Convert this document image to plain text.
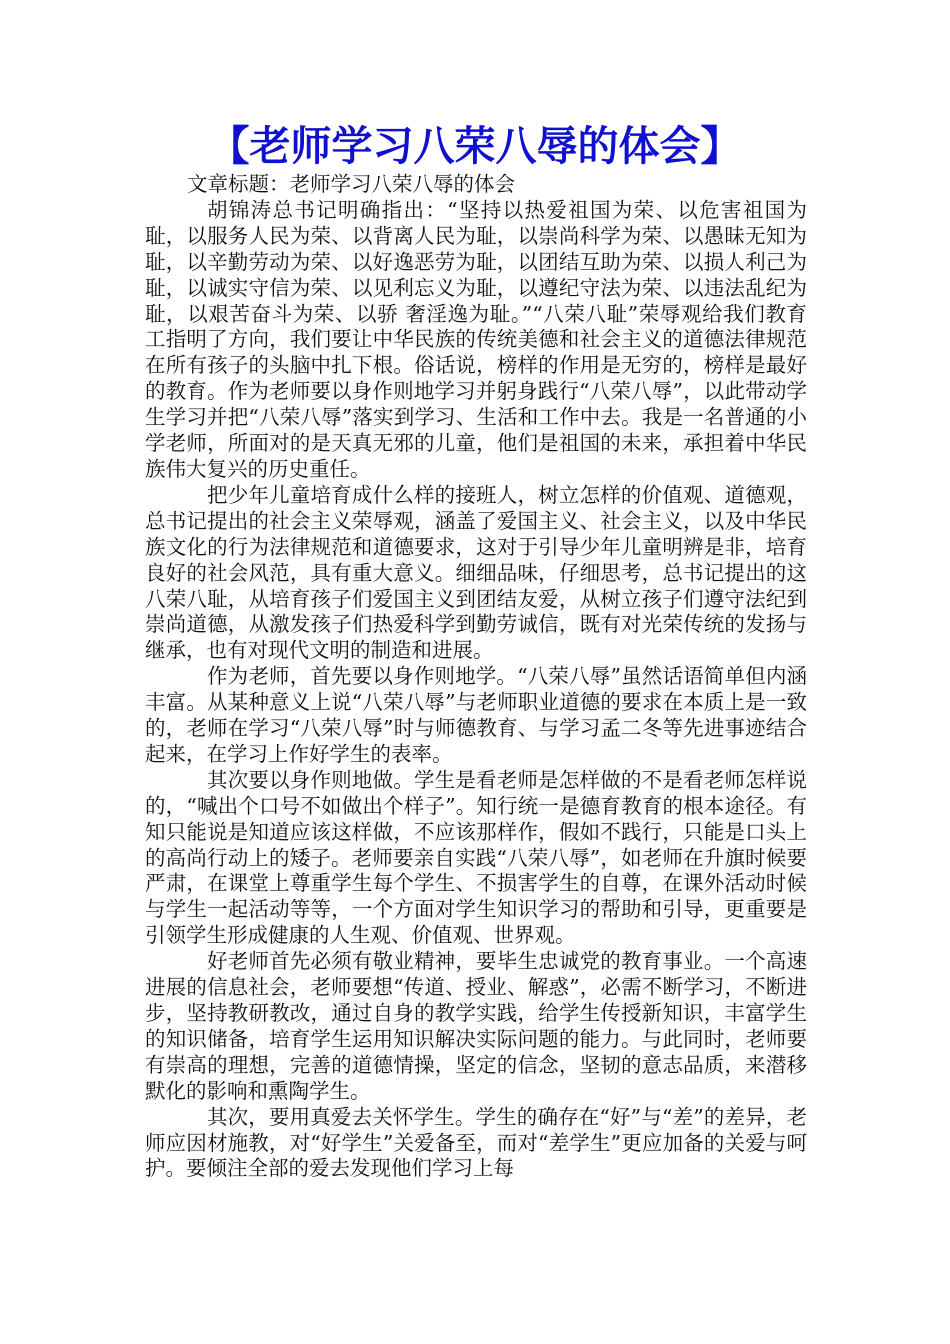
【老师学习八荣八辱的体会】

文章标题：老师学习八荣八辱的体会

胡锦涛总书记明确指出：“坚持以热爱祖国为荣、以危害祖国为耻，以服务人民为荣、以背离人民为耻，以崇尚科学为荣、以愚昧无知为耻，以辛勤劳动为荣、以好逸恶劳为耻，以团结互助为荣、以损人利己为耻，以诚实守信为荣、以见利忘义为耻，以遵纪守法为荣、以违法乱纪为耻，以艰苦奋斗为荣、以骄 奢淫逸为耻。”“八荣八耻”荣辱观给我们教育工指明了方向，我们要让中华民族的传统美德和社会主义的道德法律规范在所有孩子的头脑中扎下根。俗话说，榜样的作用是无穷的，榜样是最好的教育。作为老师要以身作则地学习并躬身践行“八荣八辱”，以此带动学生学习并把“八荣八辱”落实到学习、生活和工作中去。我是一名普通的小学老师，所面对的是天真无邪的儿童，他们是祖国的未来，承担着中华民族伟大复兴的历史重任。

把少年儿童培育成什么样的接班人，树立怎样的价值观、道德观，总书记提出的社会主义荣辱观，涵盖了爱国主义、社会主义，以及中华民族文化的行为法律规范和道德要求，这对于引导少年儿童明辨是非，培育良好的社会风范，具有重大意义。细细品味，仔细思考，总书记提出的这八荣八耻，从培育孩子们爱国主义到团结友爱，从树立孩子们遵守法纪到崇尚道德，从激发孩子们热爱科学到勤劳诚信，既有对光荣传统的发扬与继承，也有对现代文明的制造和进展。

作为老师，首先要以身作则地学。“八荣八辱”虽然话语简单但内涵丰富。从某种意义上说“八荣八辱”与老师职业道德的要求在本质上是一致的，老师在学习“八荣八辱”时与师德教育、与学习孟二冬等先进事迹结合起来，在学习上作好学生的表率。

其次要以身作则地做。学生是看老师是怎样做的不是看老师怎样说的，“喊出个口号不如做出个样子”。知行统一是德育教育的根本途径。有知只能说是知道应该这样做，不应该那样作，假如不践行，只能是口头上的高尚行动上的矮子。老师要亲自实践“八荣八辱”，如老师在升旗时候要严肃，在课堂上尊重学生每个学生、不损害学生的自尊，在课外活动时候与学生一起活动等等，一个方面对学生知识学习的帮助和引导，更重要是引领学生形成健康的人生观、价值观、世界观。

好老师首先必须有敬业精神，要毕生忠诚党的教育事业。一个高速进展的信息社会，老师要想“传道、授业、解惑”，必需不断学习，不断进步，坚持教研教改，通过自身的教学实践，给学生传授新知识，丰富学生的知识储备，培育学生运用知识解决实际问题的能力。与此同时，老师要有崇高的理想，完善的道德情操，坚定的信念，坚韧的意志品质，来潜移默化的影响和熏陶学生。

其次，要用真爱去关怀学生。学生的确存在“好”与“差”的差异，老师应因材施教，对“好学生”关爱备至，而对“差学生”更应加备的关爱与呵护。要倾注全部的爱去发现他们学习上每
